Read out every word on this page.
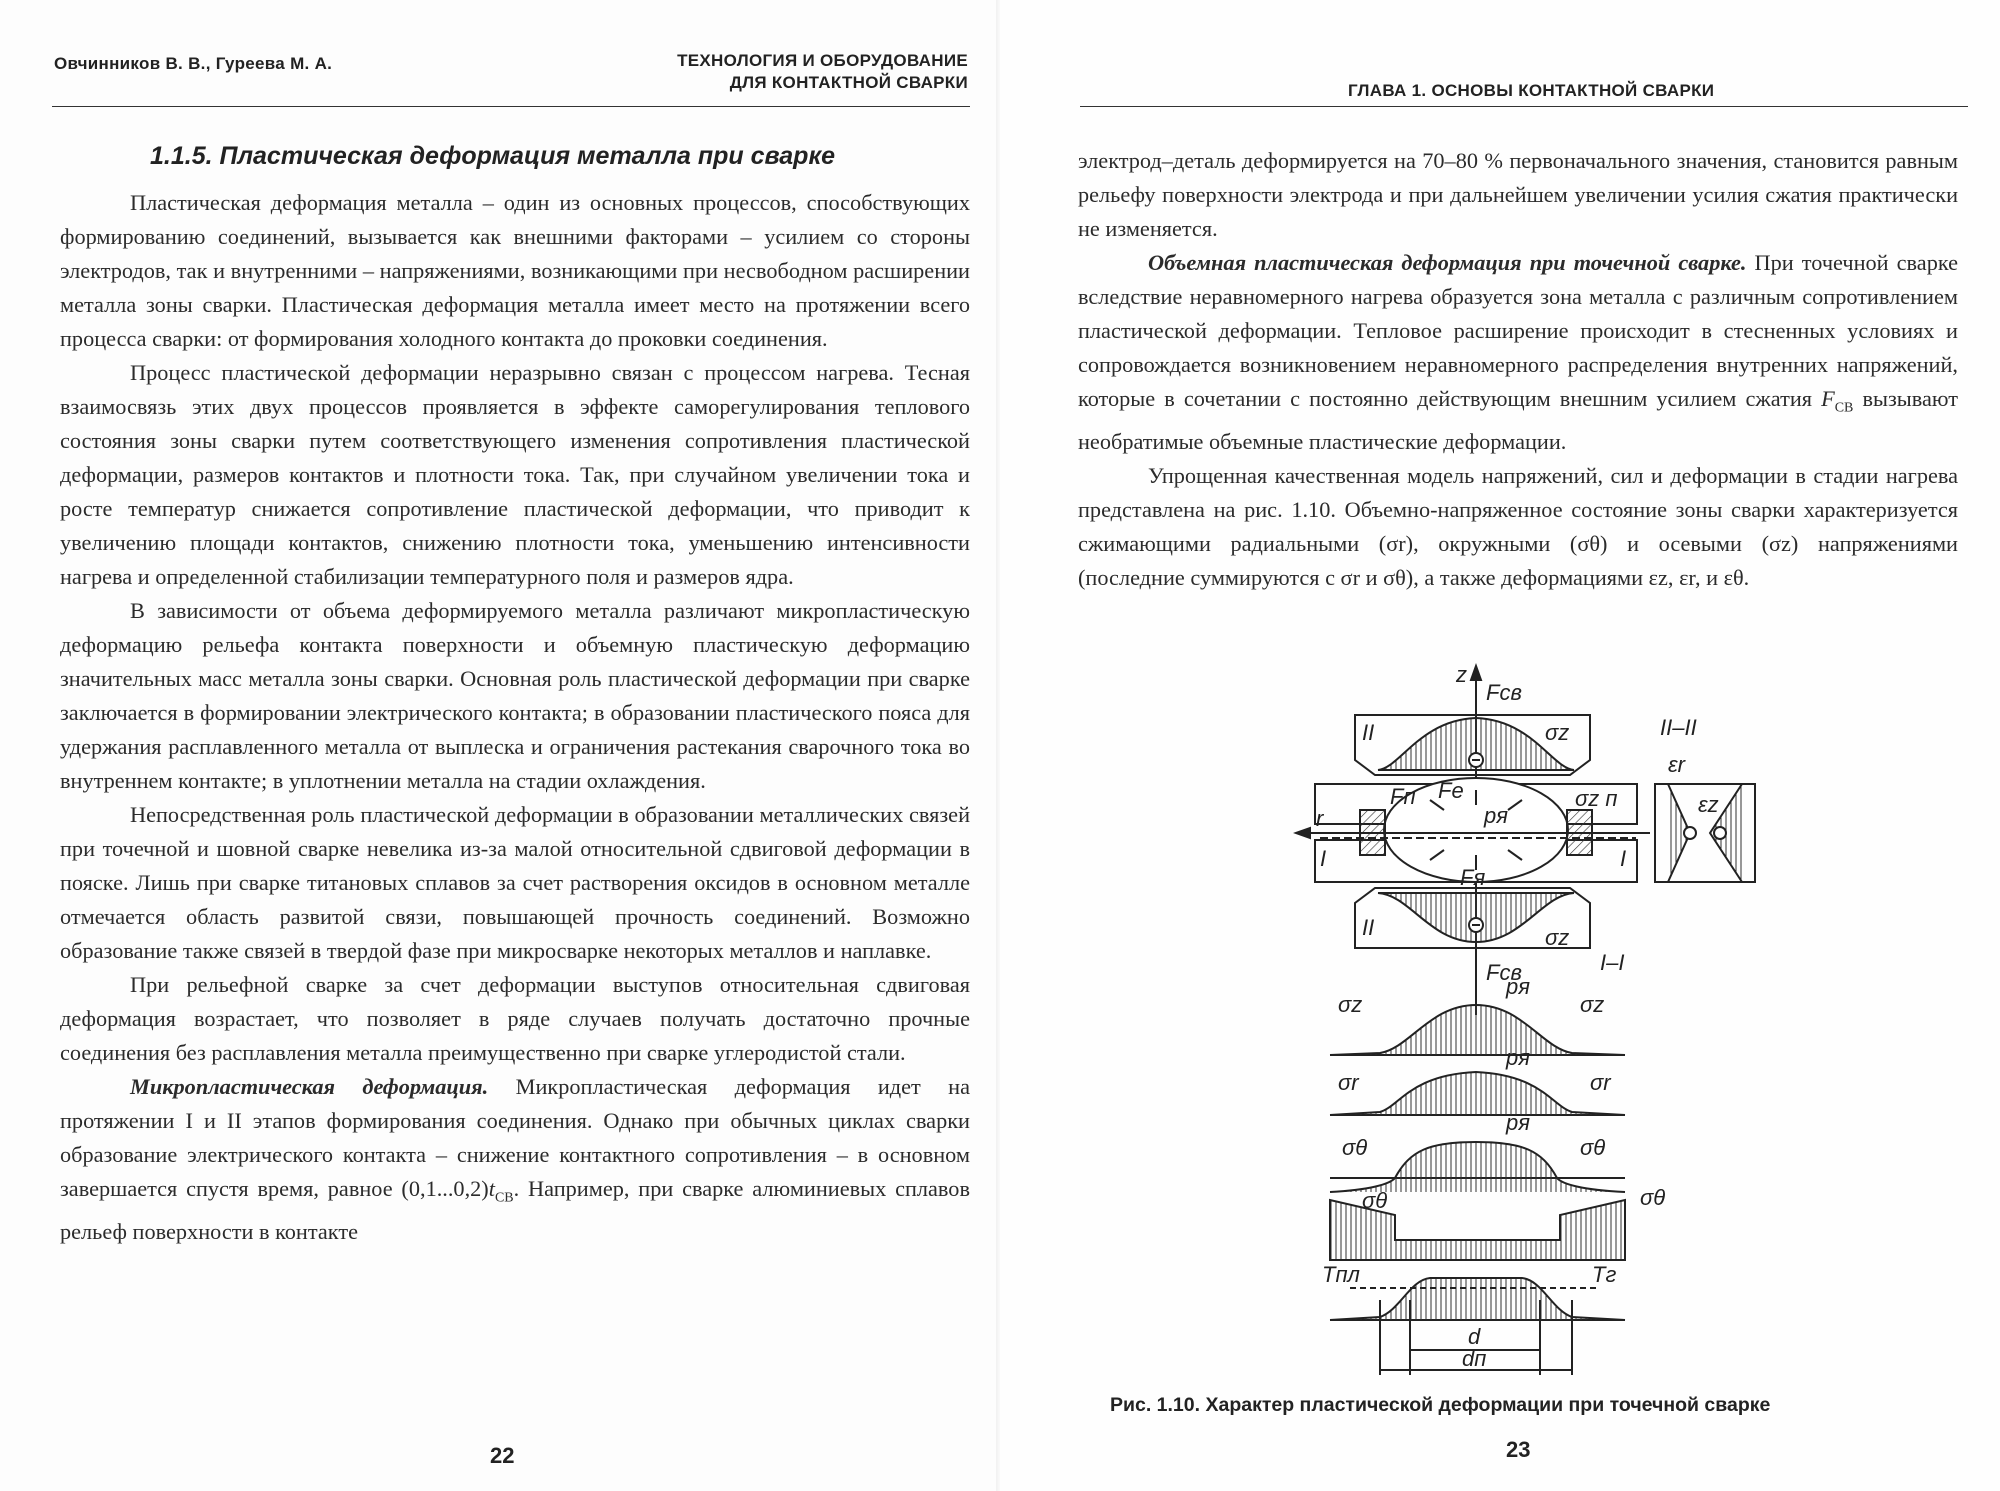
Овчинников В. В., Гуреева М. А.	ТЕХНОЛОГИЯ И ОБОРУДОВАНИЕ
ДЛЯ КОНТАКТНОЙ СВАРКИ
1.1.5. Пластическая деформация металла при сварке

Пластическая деформация металла – один из основных процессов, способствующих формированию соединений, вызывается как внешними факторами – усилием со стороны электродов, так и внутренними – напряжениями, возникающими при несвободном расширении металла зоны сварки. Пластическая деформация металла имеет место на протяжении всего процесса сварки: от формирования холодного контакта до проковки соединения.

Процесс пластической деформации неразрывно связан с процессом нагрева. Тесная взаимосвязь этих двух процессов проявляется в эффекте саморегулирования теплового состояния зоны сварки путем соответствующего изменения сопротивления пластической деформации, размеров контактов и плотности тока. Так, при случайном увеличении тока и росте температур снижается сопротивление пластической деформации, что приводит к увеличению площади контактов, снижению плотности тока, уменьшению интенсивности нагрева и определенной стабилизации температурного поля и размеров ядра.

В зависимости от объема деформируемого металла различают микропластическую деформацию рельефа контакта поверхности и объемную пластическую деформацию значительных масс металла зоны сварки. Основная роль пластической деформации при сварке заключается в формировании электрического контакта; в образовании пластического пояса для удержания расплавленного металла от выплеска и ограничения растекания сварочного тока во внутреннем контакте; в уплотнении металла на стадии охлаждения.

Непосредственная роль пластической деформации в образовании металлических связей при точечной и шовной сварке невелика из-за малой относительной сдвиговой деформации в пояске. Лишь при сварке титановых сплавов за счет растворения оксидов в основном металле отмечается область развитой связи, повышающей прочность соединений. Возможно образование также связей в твердой фазе при микросварке некоторых металлов и наплавке.

При рельефной сварке за счет деформации выступов относительная сдвиговая деформация возрастает, что позволяет в ряде случаев получать достаточно прочные соединения без расплавления металла преимущественно при сварке углеродистой стали.

Микропластическая деформация. Микропластическая деформация идет на протяжении I и II этапов формирования соединения. Однако при обычных циклах сварки образование электрического контакта – снижение контактного сопротивления – в основном завершается спустя время, равное $(0,1...0,2)t_{СВ}$. Например, при сварке алюминиевых сплавов рельеф поверхности в контакте

22
ГЛАВА 1. ОСНОВЫ КОНТАКТНОЙ СВАРКИ

электрод–деталь деформируется на 70–80 % первоначального значения, становится равным рельефу поверхности электрода и при дальнейшем увеличении усилия сжатия практически не изменяется.

Объемная пластическая деформация при точечной сварке. При точечной сварке вследствие неравномерного нагрева образуется зона металла с различным сопротивлением пластической деформации. Тепловое расширение происходит в стесненных условиях и сопровождается возникновением неравномерного распределения внутренних напряжений, которые в сочетании с постоянно действующим внешним усилием сжатия $F_{СВ}$ вызывают необратимые объемные пластические деформации.

Упрощенная качественная модель напряжений, сил и деформации в стадии нагрева представлена на рис. 1.10. Объемно-напряженное состояние зоны сварки характеризуется сжимающими радиальными (σr), окружными (σθ) и осевыми (σz) напряжениями (последние суммируются с σr и σθ), а также деформациями εz, εr, и εθ.

z
Fсв
II	σz	II–II
εr
εz
Fп Fe
pя
σz п
r
I	I
Fя
II	σz
Fсв	I–I
pя
σz	σz
pя
σr	σr
pя
σθ	σθ
σθ	σθ
Tпл	Tг
d
dп
Рис. 1.10. Характер пластической деформации при точечной сварке
23
